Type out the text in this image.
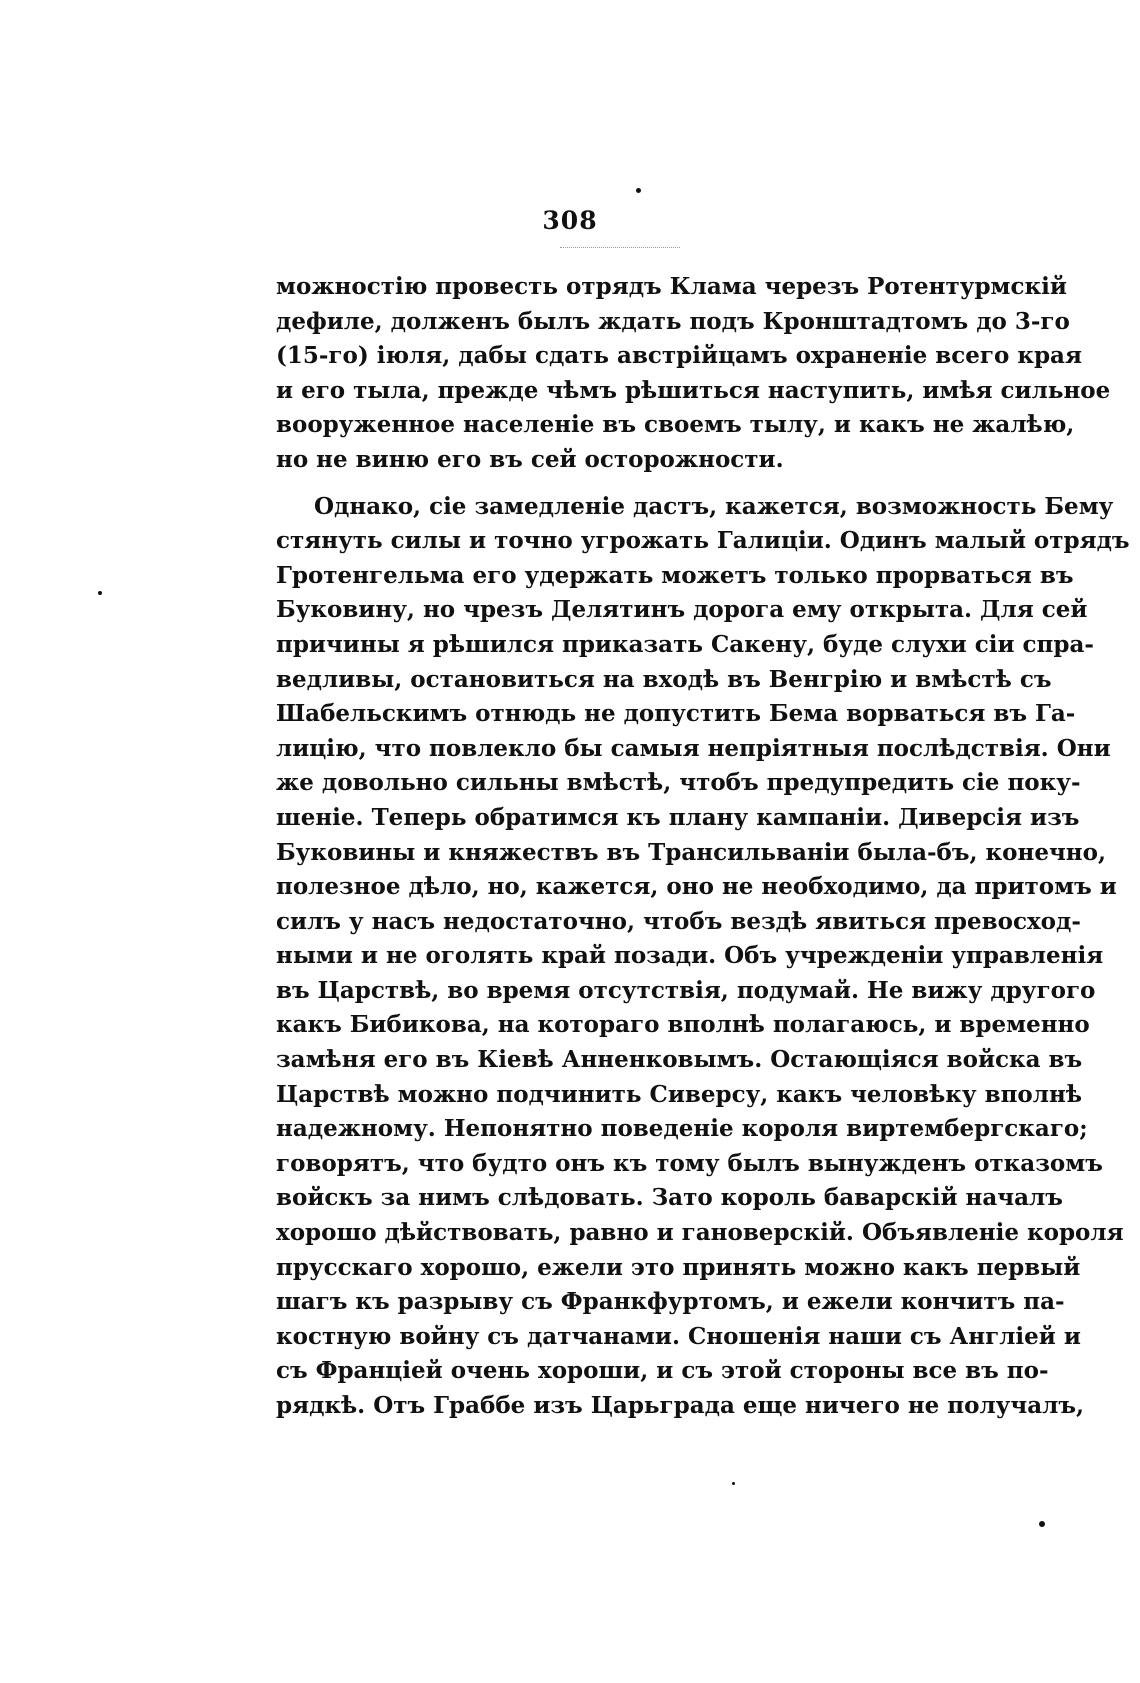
308
можностію провесть отрядъ Клама черезъ Ротентурмскій
дефиле, долженъ былъ ждать подъ Кронштадтомъ до 3-го
(15-го) іюля, дабы сдать австрійцамъ охраненіе всего края
и его тыла, прежде чѣмъ рѣшиться наступить, имѣя сильное
вооруженное населеніе въ своемъ тылу, и какъ не жалѣю,
но не виню его въ сей осторожности.
Однако, сіе замедленіе дастъ, кажется, возможность Бему
стянуть силы и точно угрожать Галиціи. Одинъ малый отрядъ
Гротенгельма его удержать можетъ только прорваться въ
Буковину, но чрезъ Делятинъ дорога ему открыта. Для сей
причины я рѣшился приказать Сакену, буде слухи сіи спра-
ведливы, остановиться на входѣ въ Венгрію и вмѣстѣ съ
Шабельскимъ отнюдь не допустить Бема ворваться въ Га-
лицію, что повлекло бы самыя непріятныя послѣдствія. Они
же довольно сильны вмѣстѣ, чтобъ предупредить сіе поку-
шеніе. Теперь обратимся къ плану кампаніи. Диверсія изъ
Буковины и княжествъ въ Трансильваніи была-бъ, конечно,
полезное дѣло, но, кажется, оно не необходимо, да притомъ и
силъ у насъ недостаточно, чтобъ вездѣ явиться превосход-
ными и не оголять край позади. Объ учрежденіи управленія
въ Царствѣ, во время отсутствія, подумай. Не вижу другого
какъ Бибикова, на котораго вполнѣ полагаюсь, и временно
замѣня его въ Кіевѣ Анненковымъ. Остающіяся войска въ
Царствѣ можно подчинить Сиверсу, какъ человѣку вполнѣ
надежному. Непонятно поведеніе короля виртембергскаго;
говорятъ, что будто онъ къ тому былъ вынужденъ отказомъ
войскъ за нимъ слѣдовать. Зато король баварскій началъ
хорошо дѣйствовать, равно и гановерскій. Объявленіе короля
прусскаго хорошо, ежели это принять можно какъ первый
шагъ къ разрыву съ Франкфуртомъ, и ежели кончитъ па-
костную войну съ датчанами. Сношенія наши съ Англіей и
съ Франціей очень хороши, и съ этой стороны все въ по-
рядкѣ. Отъ Граббе изъ Царьграда еще ничего не получалъ,
